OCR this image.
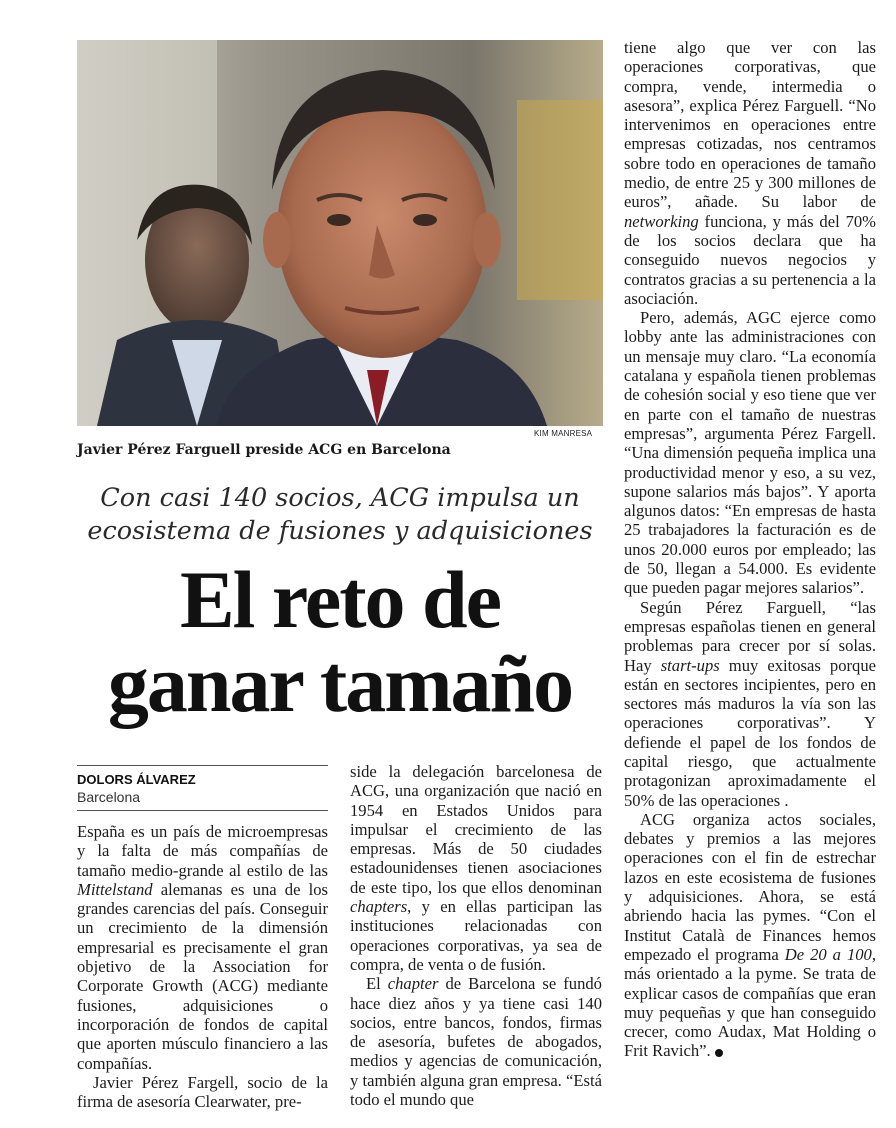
KIM MANRESA
Javier Pérez Farguell preside ACG en Barcelona
Con casi 140 socios, ACG impulsa un
ecosistema de fusiones y adquisiciones
El reto de
ganar tamaño
DOLORS ÁLVAREZ
Barcelona

España es un país de microempresas y la falta de más compañías de tamaño medio-grande al estilo de las Mittelstand alemanas es una de los grandes carencias del país. Conseguir un crecimiento de la dimensión empresarial es precisamente el gran objetivo de la Association for Corporate Growth (ACG) mediante fusiones, adquisiciones o incorporación de fondos de capital que aporten músculo financiero a las compañías.

Javier Pérez Fargell, socio de la firma de asesoría Clearwater, pre-

side la delegación barcelonesa de ACG, una organización que nació en 1954 en Estados Unidos para impulsar el crecimiento de las empresas. Más de 50 ciudades estadounidenses tienen asociaciones de este tipo, los que ellos denominan chapters, y en ellas participan las instituciones relacionadas con operaciones corporativas, ya sea de compra, de venta o de fusión.

El chapter de Barcelona se fundó hace diez años y ya tiene casi 140 socios, entre bancos, fondos, firmas de asesoría, bufetes de abogados, medios y agencias de comunicación, y también alguna gran empresa. “Está todo el mundo que

tiene algo que ver con las operaciones corporativas, que compra, vende, intermedia o asesora”, explica Pérez Farguell. “No intervenimos en operaciones entre empresas cotizadas, nos centramos sobre todo en operaciones de tamaño medio, de entre 25 y 300 millones de euros”, añade. Su labor de networking funciona, y más del 70% de los socios declara que ha conseguido nuevos negocios y contratos gracias a su pertenencia a la asociación.

Pero, además, AGC ejerce como lobby ante las administraciones con un mensaje muy claro. “La economía catalana y española tienen problemas de cohesión social y eso tiene que ver en parte con el tamaño de nuestras empresas”, argumenta Pérez Fargell. “Una dimensión pequeña implica una productividad menor y eso, a su vez, supone salarios más bajos”. Y aporta algunos datos: “En empresas de hasta 25 trabajadores la facturación es de unos 20.000 euros por empleado; las de 50, llegan a 54.000. Es evidente que pueden pagar mejores salarios”.

Según Pérez Farguell, “las empresas españolas tienen en general problemas para crecer por sí solas. Hay start-ups muy exitosas porque están en sectores incipientes, pero en sectores más maduros la vía son las operaciones corporativas”. Y defiende el papel de los fondos de capital riesgo, que actualmente protagonizan aproximadamente el 50% de las operaciones .

ACG organiza actos sociales, debates y premios a las mejores operaciones con el fin de estrechar lazos en este ecosistema de fusiones y adquisiciones. Ahora, se está abriendo hacia las pymes. “Con el Institut Català de Finances hemos empezado el programa De 20 a 100, más orientado a la pyme. Se trata de explicar casos de compañías que eran muy pequeñas y que han conseguido crecer, como Audax, Mat Holding o Frit Ravich”.
